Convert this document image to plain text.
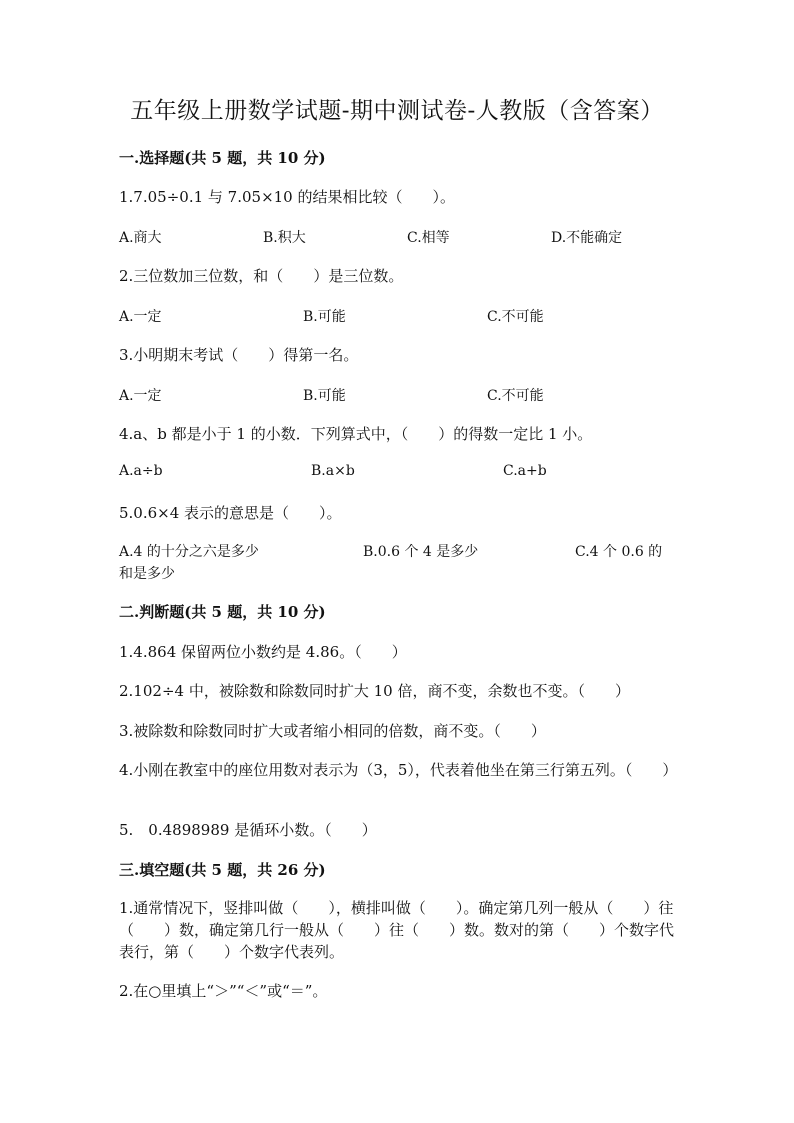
五年级上册数学试题-期中测试卷-人教版（含答案）
一.选择题(共 5 题，共 10 分)
1.7.05÷0.1 与 7.05×10 的结果相比较（　　）。
A.商大	B.积大	C.相等	D.不能确定
2.三位数加三位数，和（　　）是三位数。
A.一定	B.可能	C.不可能
3.小明期末考试（　　）得第一名。
A.一定	B.可能	C.不可能
4.a、b 都是小于 1 的小数．下列算式中，（　　）的得数一定比 1 小。
A.a÷b	B.a×b	C.a+b
5.0.6×4 表示的意思是（　　）。
A.4 的十分之六是多少	B.0.6 个 4 是多少	C.4 个 0.6 的
和是多少
二.判断题(共 5 题，共 10 分)
1.4.864 保留两位小数约是 4.86。（　　）
2.102÷4 中，被除数和除数同时扩大 10 倍，商不变，余数也不变。（　　）
3.被除数和除数同时扩大或者缩小相同的倍数，商不变。（　　）
4.小刚在教室中的座位用数对表示为（3，5），代表着他坐在第三行第五列。（　　）
5.　0.4898989 是循环小数。（　　）
三.填空题(共 5 题，共 26 分)
1.通常情况下，竖排叫做（　　），横排叫做（　　）。确定第几列一般从（　　）往（　　）数，确定第几行一般从（　　）往（　　）数。数对的第（　　）个数字代表行，第（　　）个数字代表列。
2.在○里填上“＞”“＜”或“＝”。
